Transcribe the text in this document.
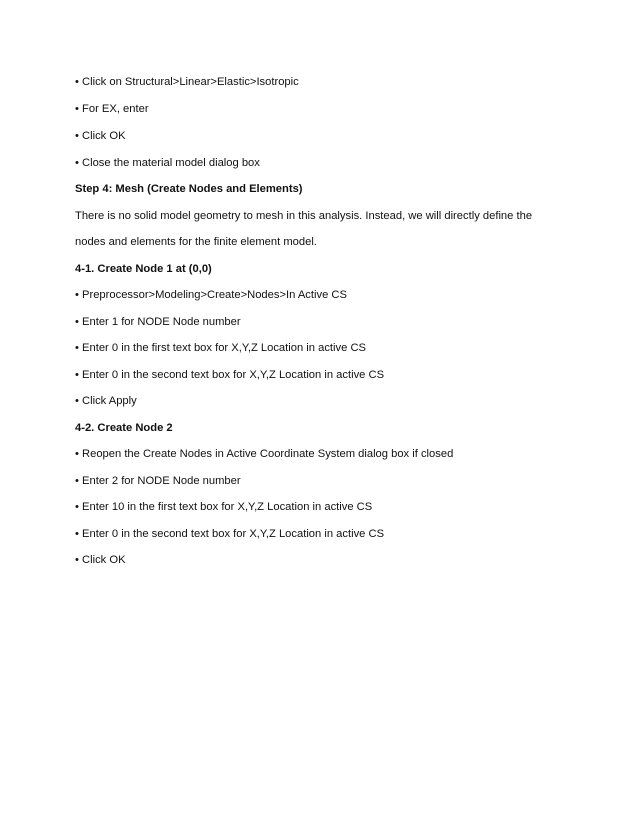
• Click on Structural>Linear>Elastic>Isotropic
• For EX, enter
• Click OK
• Close the material model dialog box
Step 4: Mesh (Create Nodes and Elements)
There is no solid model geometry to mesh in this analysis. Instead, we will directly define the
nodes and elements for the finite element model.
4-1. Create Node 1 at (0,0)
• Preprocessor>Modeling>Create>Nodes>In Active CS
• Enter 1 for NODE Node number
• Enter 0 in the first text box for X,Y,Z Location in active CS
• Enter 0 in the second text box for X,Y,Z Location in active CS
• Click Apply
4-2. Create Node 2
• Reopen the Create Nodes in Active Coordinate System dialog box if closed
• Enter 2 for NODE Node number
• Enter 10 in the first text box for X,Y,Z Location in active CS
• Enter 0 in the second text box for X,Y,Z Location in active CS
• Click OK
